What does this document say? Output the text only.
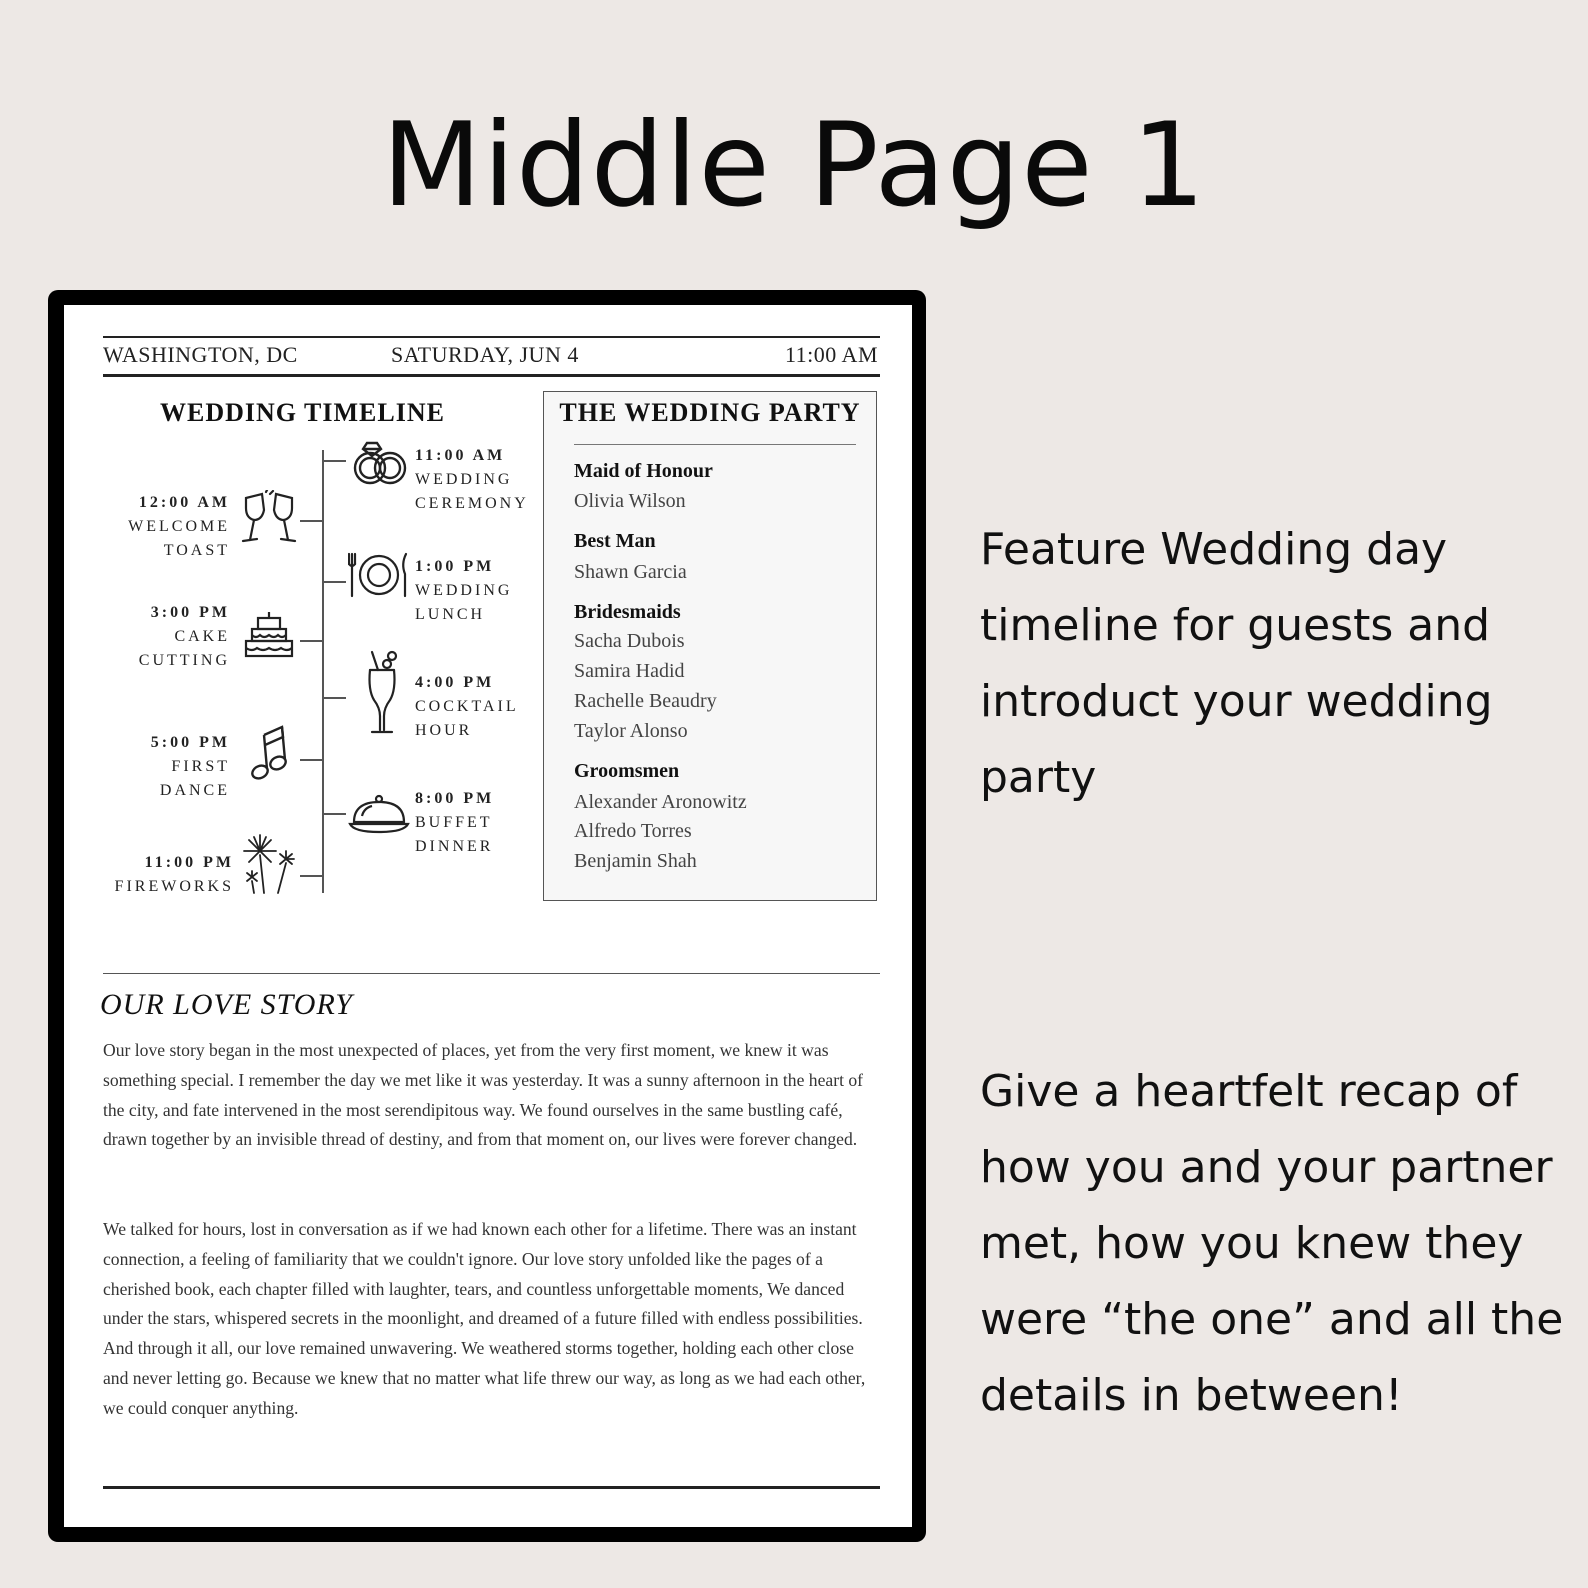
Middle Page 1
WASHINGTON, DC	SATURDAY, JUN 4	11:00 AM
WEDDING TIMELINE
11:00 AM
WEDDING
CEREMONY
12:00 AM
WELCOME
TOAST
1:00 PM
WEDDING
LUNCH
3:00 PM
CAKE
CUTTING
4:00 PM
COCKTAIL
HOUR
5:00 PM
FIRST
DANCE	8:00 PM
BUFFET
DINNER
11:00 PM
FIREWORKS
THE WEDDING PARTY
Maid of Honour
Olivia Wilson
Best Man
Shawn Garcia
Bridesmaids
Sacha Dubois
Samira Hadid
Rachelle Beaudry
Taylor Alonso
Groomsmen
Alexander Aronowitz
Alfredo Torres
Benjamin Shah
OUR LOVE STORY
Our love story began in the most unexpected of places, yet from the very first moment, we knew it was something special. I remember the day we met like it was yesterday. It was a sunny afternoon in the heart of the city, and fate intervened in the most serendipitous way. We found ourselves in the same bustling café, drawn together by an invisible thread of destiny, and from that moment on, our lives were forever changed.
We talked for hours, lost in conversation as if we had known each other for a lifetime. There was an instant connection, a feeling of familiarity that we couldn't ignore. Our love story unfolded like the pages of a cherished book, each chapter filled with laughter, tears, and countless unforgettable moments, We danced under the stars, whispered secrets in the moonlight, and dreamed of a future filled with endless possibilities. And through it all, our love remained unwavering. We weathered storms together, holding each other close and never letting go. Because we knew that no matter what life threw our way, as long as we had each other, we could conquer anything.
Feature Wedding day timeline for guests and introduct your wedding party
Give a heartfelt recap of how you and your partner met, how you knew they were “the one” and all the details in between!
